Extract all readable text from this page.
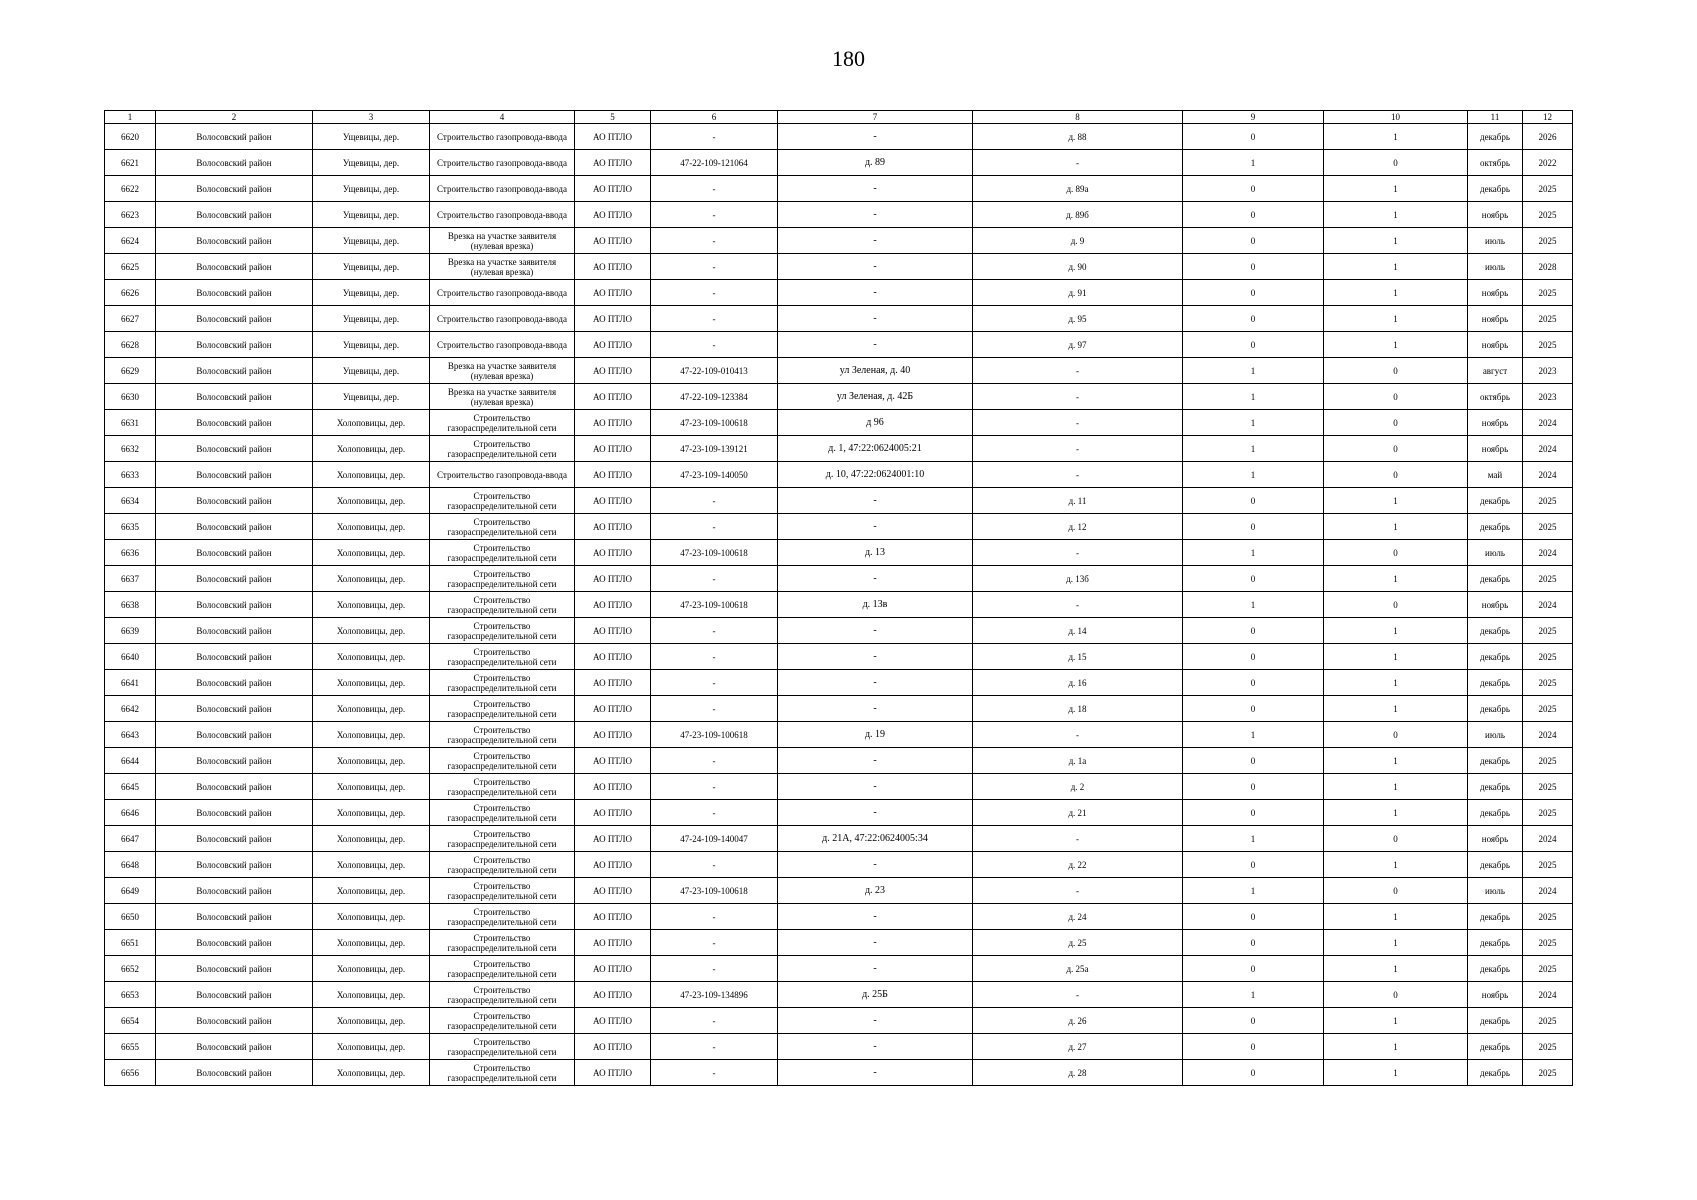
180
1	2	3	4	5	6	7	8	9	10	11	12
6620	Волосовский район	Ущевицы, дер.	Строительство газопровода-ввода	АО ПТЛО	-	-	д. 88	0	1	декабрь	2026
6621	Волосовский район	Ущевицы, дер.	Строительство газопровода-ввода	АО ПТЛО	47-22-109-121064	д. 89	-	1	0	октябрь	2022
6622	Волосовский район	Ущевицы, дер.	Строительство газопровода-ввода	АО ПТЛО	-	-	д. 89а	0	1	декабрь	2025
6623	Волосовский район	Ущевицы, дер.	Строительство газопровода-ввода	АО ПТЛО	-	-	д. 89б	0	1	ноябрь	2025
6624	Волосовский район	Ущевицы, дер.	Врезка на участке заявителя (нулевая врезка)	АО ПТЛО	-	-	д. 9	0	1	июль	2025
6625	Волосовский район	Ущевицы, дер.	Врезка на участке заявителя (нулевая врезка)	АО ПТЛО	-	-	д. 90	0	1	июль	2028
6626	Волосовский район	Ущевицы, дер.	Строительство газопровода-ввода	АО ПТЛО	-	-	д. 91	0	1	ноябрь	2025
6627	Волосовский район	Ущевицы, дер.	Строительство газопровода-ввода	АО ПТЛО	-	-	д. 95	0	1	ноябрь	2025
6628	Волосовский район	Ущевицы, дер.	Строительство газопровода-ввода	АО ПТЛО	-	-	д. 97	0	1	ноябрь	2025
6629	Волосовский район	Ущевицы, дер.	Врезка на участке заявителя (нулевая врезка)	АО ПТЛО	47-22-109-010413	ул Зеленая, д. 40	-	1	0	август	2023
6630	Волосовский район	Ущевицы, дер.	Врезка на участке заявителя (нулевая врезка)	АО ПТЛО	47-22-109-123384	ул Зеленая, д. 42Б	-	1	0	октябрь	2023
6631	Волосовский район	Холоповицы, дер.	Строительство газораспределительной сети	АО ПТЛО	47-23-109-100618	д 96	-	1	0	ноябрь	2024
6632	Волосовский район	Холоповицы, дер.	Строительство газораспределительной сети	АО ПТЛО	47-23-109-139121	д. 1, 47:22:0624005:21	-	1	0	ноябрь	2024
6633	Волосовский район	Холоповицы, дер.	Строительство газопровода-ввода	АО ПТЛО	47-23-109-140050	д. 10, 47:22:0624001:10	-	1	0	май	2024
6634	Волосовский район	Холоповицы, дер.	Строительство газораспределительной сети	АО ПТЛО	-	-	д. 11	0	1	декабрь	2025
6635	Волосовский район	Холоповицы, дер.	Строительство газораспределительной сети	АО ПТЛО	-	-	д. 12	0	1	декабрь	2025
6636	Волосовский район	Холоповицы, дер.	Строительство газораспределительной сети	АО ПТЛО	47-23-109-100618	д. 13	-	1	0	июль	2024
6637	Волосовский район	Холоповицы, дер.	Строительство газораспределительной сети	АО ПТЛО	-	-	д. 13б	0	1	декабрь	2025
6638	Волосовский район	Холоповицы, дер.	Строительство газораспределительной сети	АО ПТЛО	47-23-109-100618	д. 13в	-	1	0	ноябрь	2024
6639	Волосовский район	Холоповицы, дер.	Строительство газораспределительной сети	АО ПТЛО	-	-	д. 14	0	1	декабрь	2025
6640	Волосовский район	Холоповицы, дер.	Строительство газораспределительной сети	АО ПТЛО	-	-	д. 15	0	1	декабрь	2025
6641	Волосовский район	Холоповицы, дер.	Строительство газораспределительной сети	АО ПТЛО	-	-	д. 16	0	1	декабрь	2025
6642	Волосовский район	Холоповицы, дер.	Строительство газораспределительной сети	АО ПТЛО	-	-	д. 18	0	1	декабрь	2025
6643	Волосовский район	Холоповицы, дер.	Строительство газораспределительной сети	АО ПТЛО	47-23-109-100618	д. 19	-	1	0	июль	2024
6644	Волосовский район	Холоповицы, дер.	Строительство газораспределительной сети	АО ПТЛО	-	-	д. 1а	0	1	декабрь	2025
6645	Волосовский район	Холоповицы, дер.	Строительство газораспределительной сети	АО ПТЛО	-	-	д. 2	0	1	декабрь	2025
6646	Волосовский район	Холоповицы, дер.	Строительство газораспределительной сети	АО ПТЛО	-	-	д. 21	0	1	декабрь	2025
6647	Волосовский район	Холоповицы, дер.	Строительство газораспределительной сети	АО ПТЛО	47-24-109-140047	д. 21А, 47:22:0624005:34	-	1	0	ноябрь	2024
6648	Волосовский район	Холоповицы, дер.	Строительство газораспределительной сети	АО ПТЛО	-	-	д. 22	0	1	декабрь	2025
6649	Волосовский район	Холоповицы, дер.	Строительство газораспределительной сети	АО ПТЛО	47-23-109-100618	д. 23	-	1	0	июль	2024
6650	Волосовский район	Холоповицы, дер.	Строительство газораспределительной сети	АО ПТЛО	-	-	д. 24	0	1	декабрь	2025
6651	Волосовский район	Холоповицы, дер.	Строительство газораспределительной сети	АО ПТЛО	-	-	д. 25	0	1	декабрь	2025
6652	Волосовский район	Холоповицы, дер.	Строительство газораспределительной сети	АО ПТЛО	-	-	д. 25а	0	1	декабрь	2025
6653	Волосовский район	Холоповицы, дер.	Строительство газораспределительной сети	АО ПТЛО	47-23-109-134896	д. 25Б	-	1	0	ноябрь	2024
6654	Волосовский район	Холоповицы, дер.	Строительство газораспределительной сети	АО ПТЛО	-	-	д. 26	0	1	декабрь	2025
6655	Волосовский район	Холоповицы, дер.	Строительство газораспределительной сети	АО ПТЛО	-	-	д. 27	0	1	декабрь	2025
6656	Волосовский район	Холоповицы, дер.	Строительство газораспределительной сети	АО ПТЛО	-	-	д. 28	0	1	декабрь	2025
